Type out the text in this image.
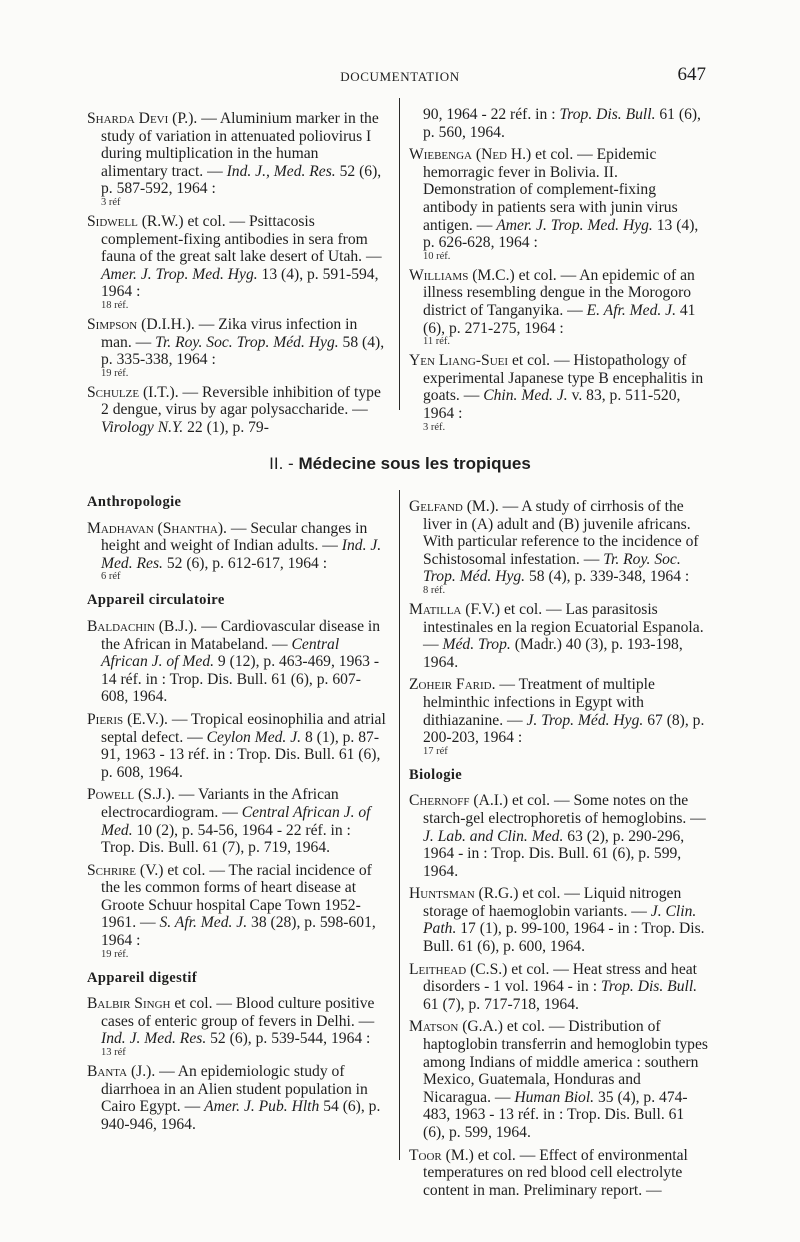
DOCUMENTATION	647
Sharda Devi (P.). — Aluminium marker in the study of variation in attenuated poliovirus I during multiplication in the human alimentary tract. — Ind. J., Med. Res. 52 (6), p. 587-592, 1964 :
3 réf
Sidwell (R.W.) et col. — Psittacosis complement-fixing antibodies in sera from fauna of the great salt lake desert of Utah. — Amer. J. Trop. Med. Hyg. 13 (4), p. 591-594, 1964 :
18 réf.
Simpson (D.I.H.). — Zika virus infection in man. — Tr. Roy. Soc. Trop. Méd. Hyg. 58 (4), p. 335-338, 1964 :
19 réf.
Schulze (I.T.). — Reversible inhibition of type 2 dengue, virus by agar polysaccharide. — Virology N.Y. 22 (1), p. 79-
90, 1964 - 22 réf. in : Trop. Dis. Bull. 61 (6), p. 560, 1964.
Wiebenga (Ned H.) et col. — Epidemic hemorragic fever in Bolivia. II. Demonstration of complement-fixing antibody in patients sera with junin virus antigen. — Amer. J. Trop. Med. Hyg. 13 (4), p. 626-628, 1964 :
10 réf.
Williams (M.C.) et col. — An epidemic of an illness resembling dengue in the Morogoro district of Tanganyika. — E. Afr. Med. J. 41 (6), p. 271-275, 1964 :
11 réf.
Yen Liang-Suei et col. — Histopathology of experimental Japanese type B encephalitis in goats. — Chin. Med. J. v. 83, p. 511-520, 1964 :
3 réf.
II. - Médecine sous les tropiques
Anthropologie
Madhavan (Shantha). — Secular changes in height and weight of Indian adults. — Ind. J. Med. Res. 52 (6), p. 612-617, 1964 :
6 réf
Appareil circulatoire
Baldachin (B.J.). — Cardiovascular disease in the African in Matabeland. — Central African J. of Med. 9 (12), p. 463-469, 1963 - 14 réf. in : Trop. Dis. Bull. 61 (6), p. 607-608, 1964.
Pieris (E.V.). — Tropical eosinophilia and atrial septal defect. — Ceylon Med. J. 8 (1), p. 87-91, 1963 - 13 réf. in : Trop. Dis. Bull. 61 (6), p. 608, 1964.
Powell (S.J.). — Variants in the African electrocardiogram. — Central African J. of Med. 10 (2), p. 54-56, 1964 - 22 réf. in : Trop. Dis. Bull. 61 (7), p. 719, 1964.
Schrire (V.) et col. — The racial incidence of the les common forms of heart disease at Groote Schuur hospital Cape Town 1952-1961. — S. Afr. Med. J. 38 (28), p. 598-601, 1964 :
19 réf.
Appareil digestif
Balbir Singh et col. — Blood culture positive cases of enteric group of fevers in Delhi. — Ind. J. Med. Res. 52 (6), p. 539-544, 1964 :
13 réf
Banta (J.). — An epidemiologic study of diarrhoea in an Alien student population in Cairo Egypt. — Amer. J. Pub. Hlth 54 (6), p. 940-946, 1964.
Gelfand (M.). — A study of cirrhosis of the liver in (A) adult and (B) juvenile africans. With particular reference to the incidence of Schistosomal infestation. — Tr. Roy. Soc. Trop. Méd. Hyg. 58 (4), p. 339-348, 1964 :
8 réf.
Matilla (F.V.) et col. — Las parasitosis intestinales en la region Ecuatorial Espanola. — Méd. Trop. (Madr.) 40 (3), p. 193-198, 1964.
Zoheir Farid. — Treatment of multiple helminthic infections in Egypt with dithiazanine. — J. Trop. Méd. Hyg. 67 (8), p. 200-203, 1964 :
17 réf
Biologie
Chernoff (A.I.) et col. — Some notes on the starch-gel electrophoretis of hemoglobins. — J. Lab. and Clin. Med. 63 (2), p. 290-296, 1964 - in : Trop. Dis. Bull. 61 (6), p. 599, 1964.
Huntsman (R.G.) et col. — Liquid nitrogen storage of haemoglobin variants. — J. Clin. Path. 17 (1), p. 99-100, 1964 - in : Trop. Dis. Bull. 61 (6), p. 600, 1964.
Leithead (C.S.) et col. — Heat stress and heat disorders - 1 vol. 1964 - in : Trop. Dis. Bull. 61 (7), p. 717-718, 1964.
Matson (G.A.) et col. — Distribution of haptoglobin transferrin and hemoglobin types among Indians of middle america : southern Mexico, Guatemala, Honduras and Nicaragua. — Human Biol. 35 (4), p. 474-483, 1963 - 13 réf. in : Trop. Dis. Bull. 61 (6), p. 599, 1964.
Toor (M.) et col. — Effect of environmental temperatures on red blood cell electrolyte content in man. Preliminary report. —
